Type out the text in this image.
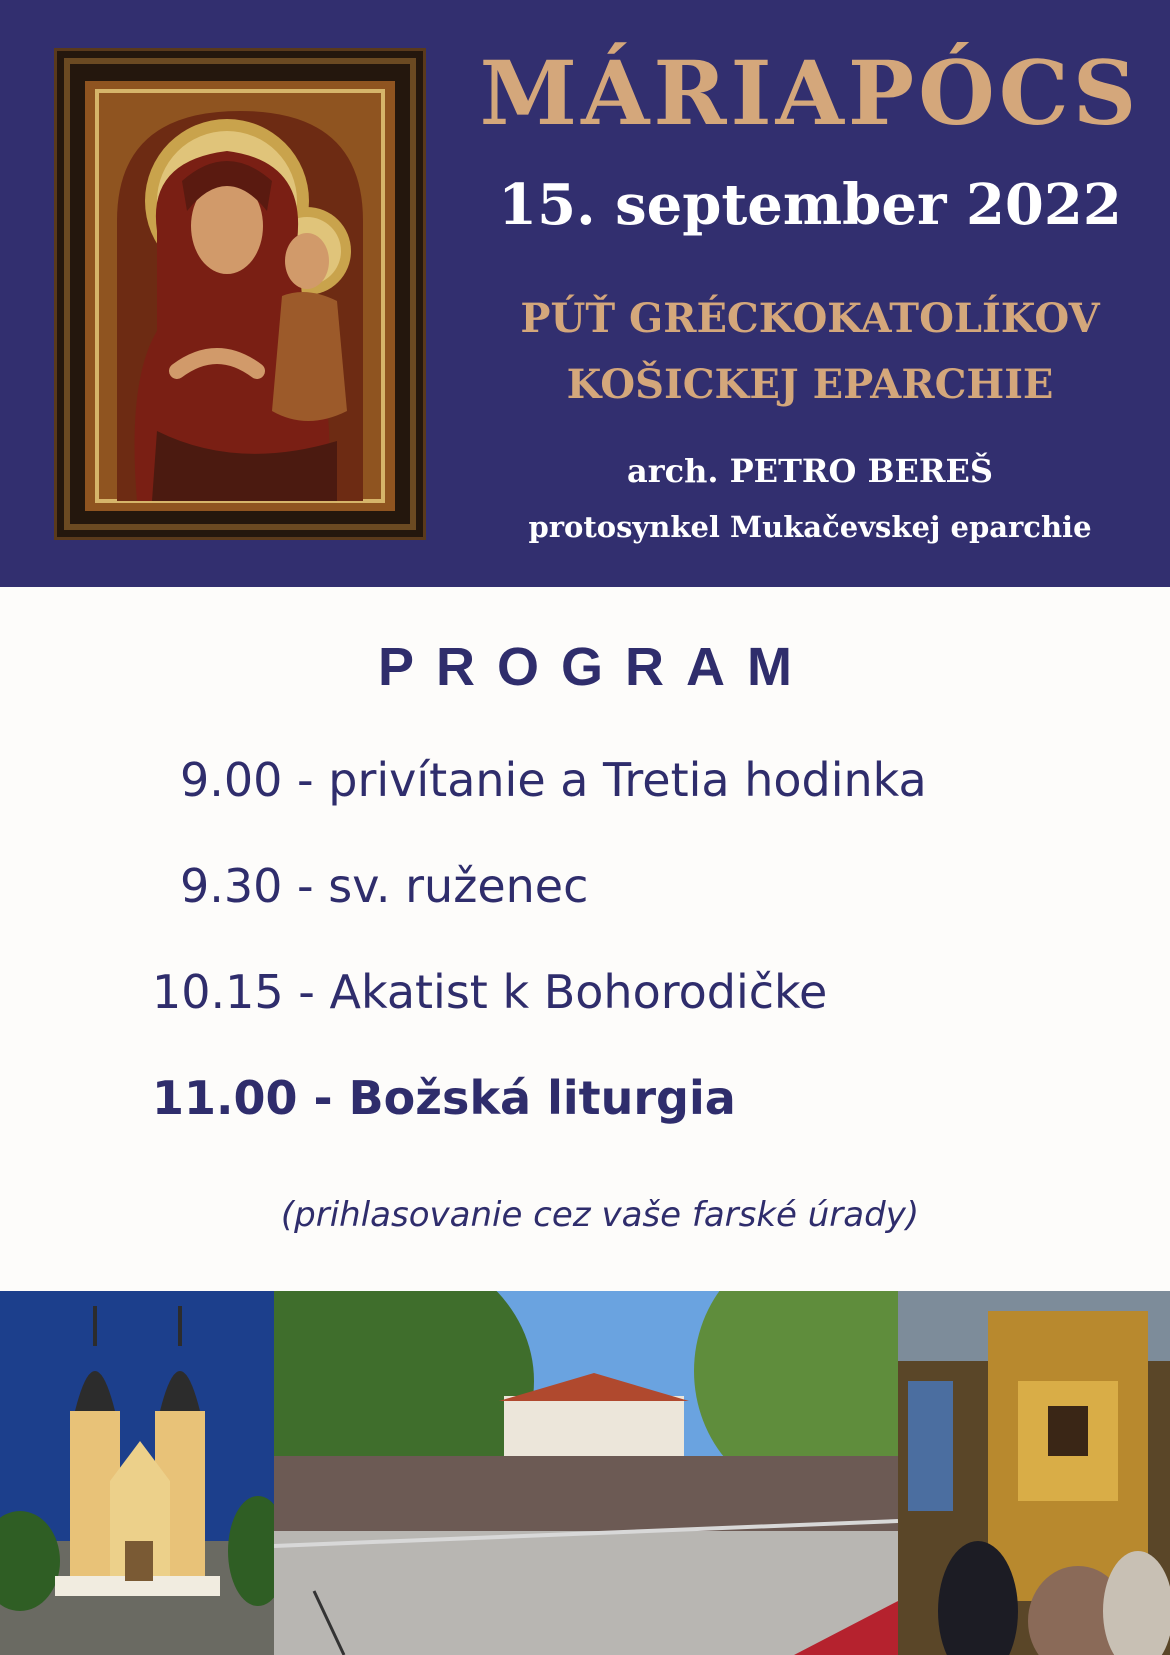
MÁRIAPÓCS
15. september 2022
PÚŤ GRÉCKOKATOLÍKOV
KOŠICKEJ EPARCHIE
arch. PETRO BEREŠ
protosynkel Mukačevskej eparchie
PROGRAM
9.00 - privítanie a Tretia hodinka
9.30 - sv. ruženec
10.15 - Akatist k Bohorodičke
11.00 - Božská liturgia
(prihlasovanie cez vaše farské úrady)
